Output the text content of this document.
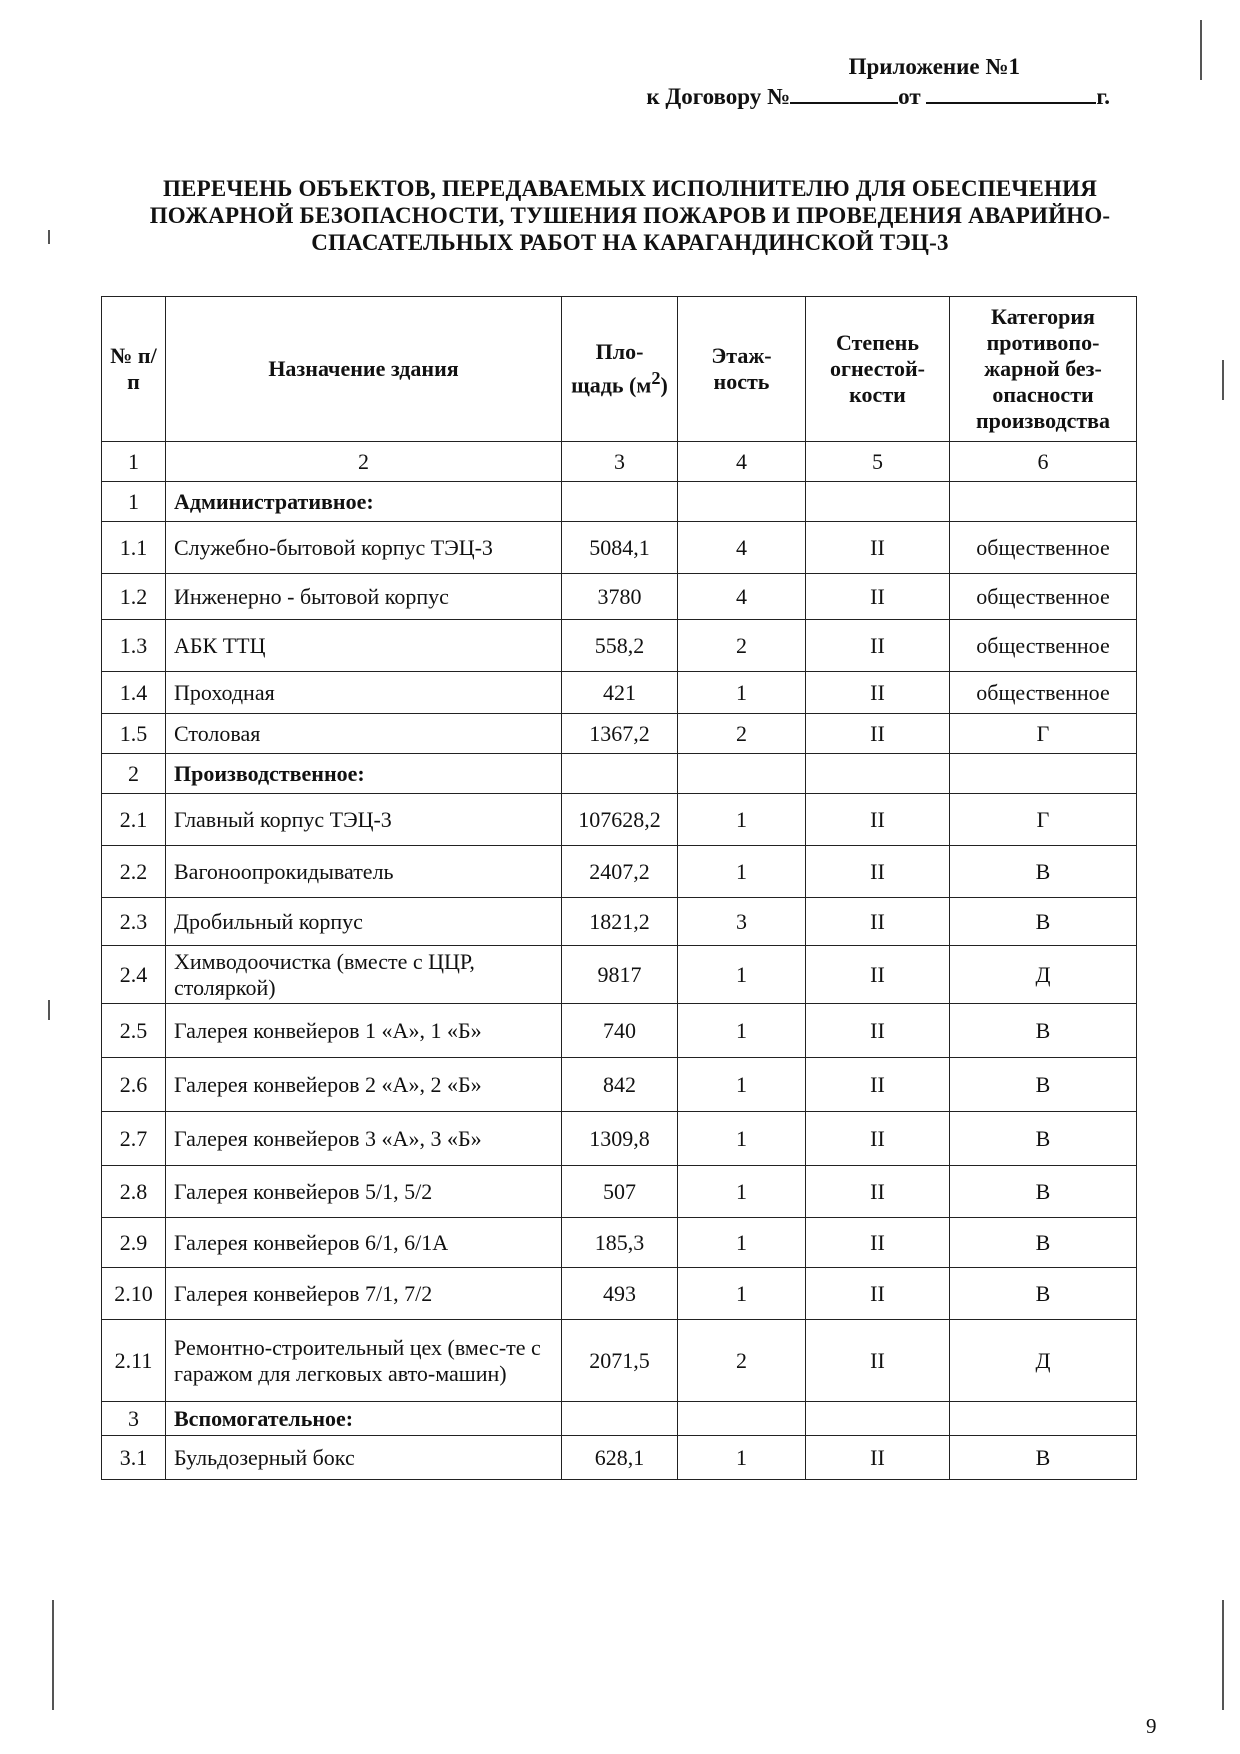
Приложение №1
к Договору №	от	г.
ПЕРЕЧЕНЬ ОБЪЕКТОВ, ПЕРЕДАВАЕМЫХ ИСПОЛНИТЕЛЮ ДЛЯ ОБЕСПЕЧЕНИЯ
ПОЖАРНОЙ БЕЗОПАСНОСТИ, ТУШЕНИЯ ПОЖАРОВ И ПРОВЕДЕНИЯ АВАРИЙНО-
СПАСАТЕЛЬНЫХ РАБОТ НА КАРАГАНДИНСКОЙ ТЭЦ-3
№ п/п	Назначение здания	Пло-щадь $(м^2)$	Этаж-ность	Степень огнестой-кости	Категория противопо-жарной без-опасности производства
1	2	3	4	5	6
1	Административное:				
1.1	Служебно-бытовой корпус ТЭЦ-3	5084,1	4	II	общественное
1.2	Инженерно - бытовой корпус	3780	4	II	общественное
1.3	АБК ТТЦ	558,2	2	II	общественное
1.4	Проходная	421	1	II	общественное
1.5	Столовая	1367,2	2	II	Г
2	Производственное:				
2.1	Главный корпус ТЭЦ-3	107628,2	1	II	Г
2.2	Вагоноопрокидыватель	2407,2	1	II	В
2.3	Дробильный корпус	1821,2	3	II	В
2.4	Химводоочистка (вместе с ЦЦР, столяркой)	9817	1	II	Д
2.5	Галерея конвейеров 1 «А», 1 «Б»	740	1	II	В
2.6	Галерея конвейеров 2 «А», 2 «Б»	842	1	II	В
2.7	Галерея конвейеров 3 «А», 3 «Б»	1309,8	1	II	В
2.8	Галерея конвейеров 5/1, 5/2	507	1	II	В
2.9	Галерея конвейеров 6/1, 6/1А	185,3	1	II	В
2.10	Галерея конвейеров 7/1, 7/2	493	1	II	В
2.11	Ремонтно-строительный цех (вмес-те с гаражом для легковых авто-машин)	2071,5	2	II	Д
3	Вспомогательное:				
3.1	Бульдозерный бокс	628,1	1	II	В
9
